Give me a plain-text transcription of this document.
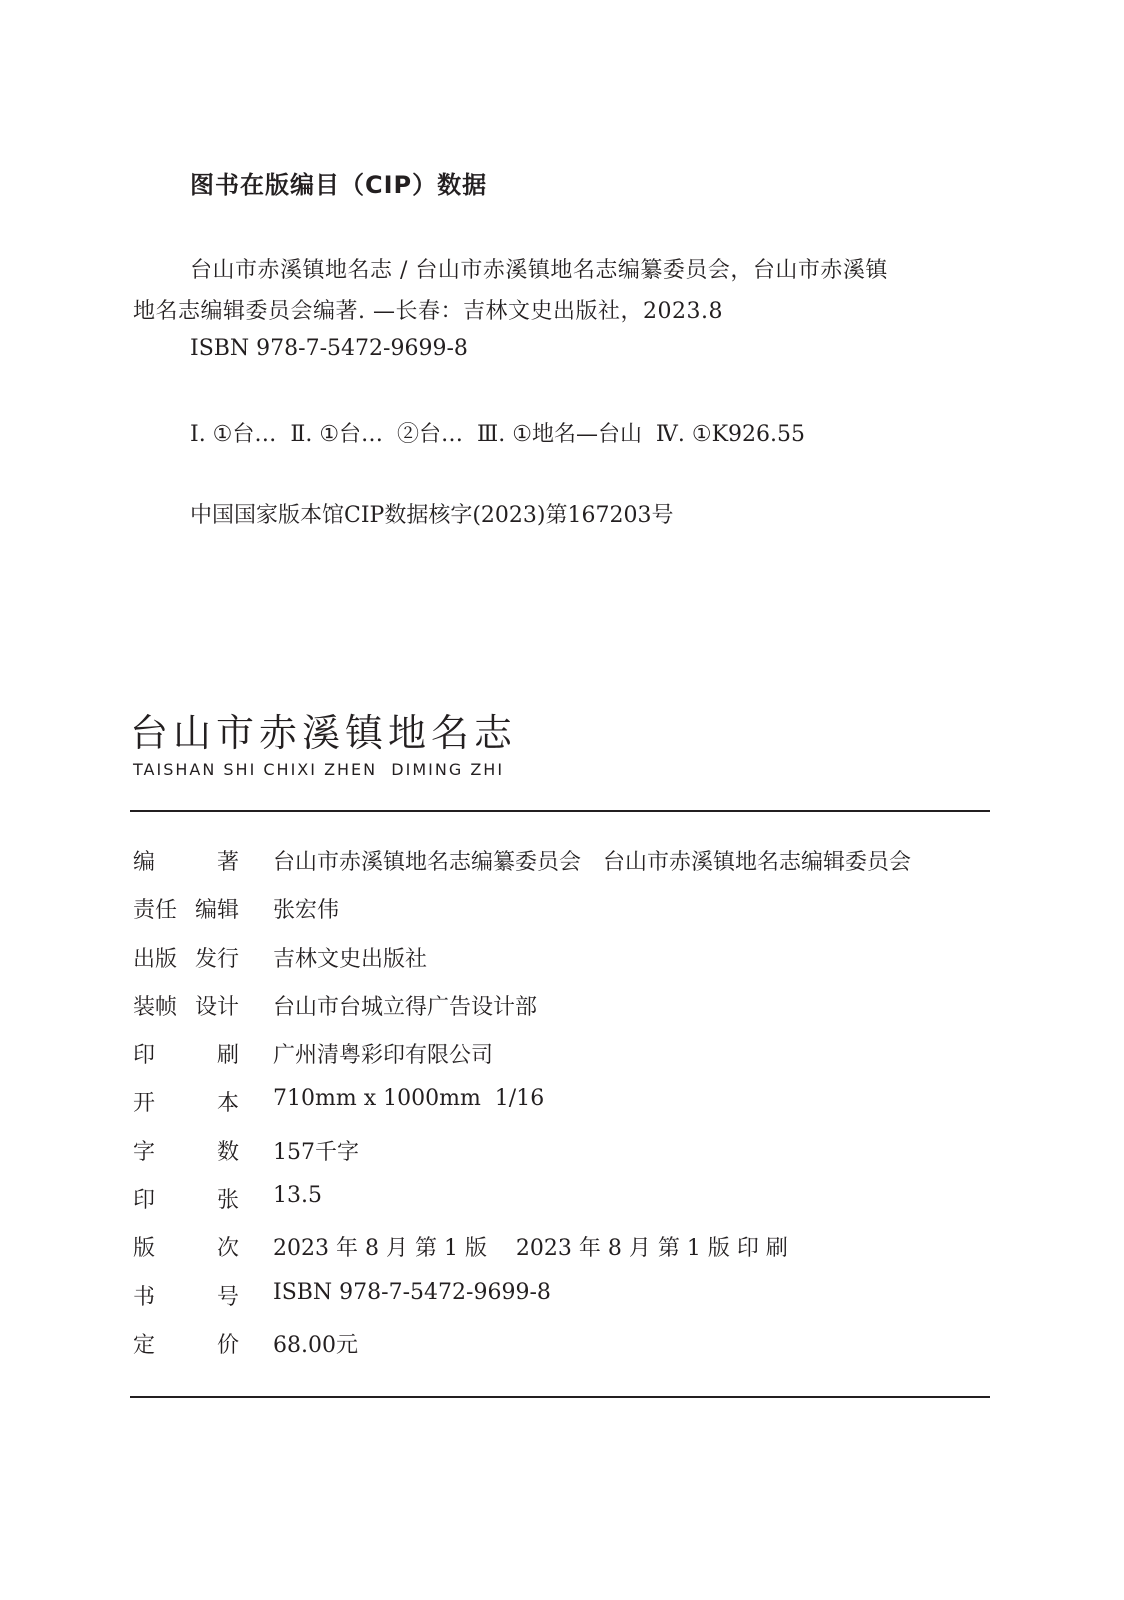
图书在版编目（CIP）数据
台山市赤溪镇地名志 / 台山市赤溪镇地名志编纂委员会，台山市赤溪镇
地名志编辑委员会编著. —长春：吉林文史出版社，2023.8
ISBN 978-7-5472-9699-8
Ⅰ. ①台…  Ⅱ. ①台…  ②台…  Ⅲ. ①地名—台山  Ⅳ. ①K926.55
中国国家版本馆CIP数据核字(2023)第167203号
台山市赤溪镇地名志
TAISHAN SHI CHIXI ZHEN  DIMING ZHI
编	著 台山市赤溪镇地名志编纂委员会　台山市赤溪镇地名志编辑委员会
责任 编辑 张宏伟
出版 发行 吉林文史出版社
装帧 设计 台山市台城立得广告设计部
印	刷 广州清粤彩印有限公司
开	本 710mm x 1000mm  1/16
字	数 157千字
印	张 13.5
版	次 2023 年 8 月 第 1 版　 2023 年 8 月 第 1 版 印 刷
书	号 ISBN 978-7-5472-9699-8
定	价 68.00元
